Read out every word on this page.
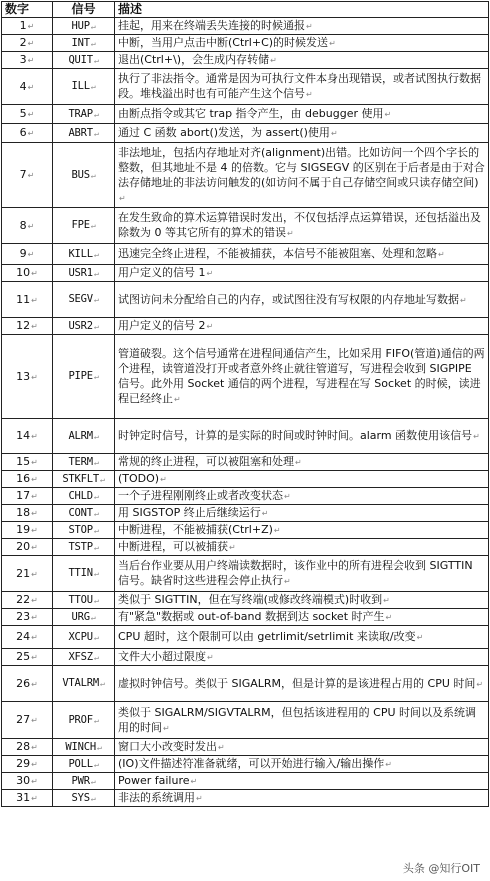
数字	信号	描述
1↵	HUP↵	挂起，用来在终端丢失连接的时候通报↵
2↵	INT↵	中断，当用户点击中断(Ctrl+C)的时候发送↵
3↵	QUIT↵	退出(Ctrl+\)，会生成内存转储↵
4↵	ILL↵	执行了非法指令。通常是因为可执行文件本身出现错误，或者试图执行数据段。堆栈溢出时也有可能产生这个信号↵
5↵	TRAP↵	由断点指令或其它 trap 指令产生，由 debugger 使用↵
6↵	ABRT↵	通过 C 函数 abort()发送，为 assert()使用↵
7↵	BUS↵	非法地址，包括内存地址对齐(alignment)出错。比如访问一个四个字长的整数，但其地址不是 4 的倍数。它与 SIGSEGV 的区别在于后者是由于对合法存储地址的非法访问触发的(如访问不属于自己存储空间或只读存储空间)↵
8↵	FPE↵	在发生致命的算术运算错误时发出，不仅包括浮点运算错误，还包括溢出及除数为 0 等其它所有的算术的错误↵
9↵	KILL↵	迅速完全终止进程，不能被捕获，本信号不能被阻塞、处理和忽略↵
10↵	USR1↵	用户定义的信号 1↵
11↵	SEGV↵	试图访问未分配给自己的内存，或试图往没有写权限的内存地址写数据↵
12↵	USR2↵	用户定义的信号 2↵
13↵	PIPE↵	管道破裂。这个信号通常在进程间通信产生，比如采用 FIFO(管道)通信的两个进程，读管道没打开或者意外终止就往管道写，写进程会收到 SIGPIPE 信号。此外用 Socket 通信的两个进程，写进程在写 Socket 的时候，读进程已经终止↵
14↵	ALRM↵	时钟定时信号，计算的是实际的时间或时钟时间。alarm 函数使用该信号↵
15↵	TERM↵	常规的终止进程，可以被阻塞和处理↵
16↵	STKFLT↵	(TODO)↵
17↵	CHLD↵	一个子进程刚刚终止或者改变状态↵
18↵	CONT↵	用 SIGSTOP 终止后继续运行↵
19↵	STOP↵	中断进程，不能被捕获(Ctrl+Z)↵
20↵	TSTP↵	中断进程，可以被捕获↵
21↵	TTIN↵	当后台作业要从用户终端读数据时，该作业中的所有进程会收到 SIGTTIN 信号。缺省时这些进程会停止执行↵
22↵	TTOU↵	类似于 SIGTTIN，但在写终端(或修改终端模式)时收到↵
23↵	URG↵	有"紧急"数据或 out-of-band 数据到达 socket 时产生↵
24↵	XCPU↵	CPU 超时，这个限制可以由 getrlimit/setrlimit 来读取/改变↵
25↵	XFSZ↵	文件大小超过限度↵
26↵	VTALRM↵	虚拟时钟信号。类似于 SIGALRM，但是计算的是该进程占用的 CPU 时间↵
27↵	PROF↵	类似于 SIGALRM/SIGVTALRM，但包括该进程用的 CPU 时间以及系统调用的时间↵
28↵	WINCH↵	窗口大小改变时发出↵
29↵	POLL↵	(IO)文件描述符准备就绪，可以开始进行输入/输出操作↵
30↵	PWR↵	Power failure↵
31↵	SYS↵	非法的系统调用↵
头条 @知行OIT
